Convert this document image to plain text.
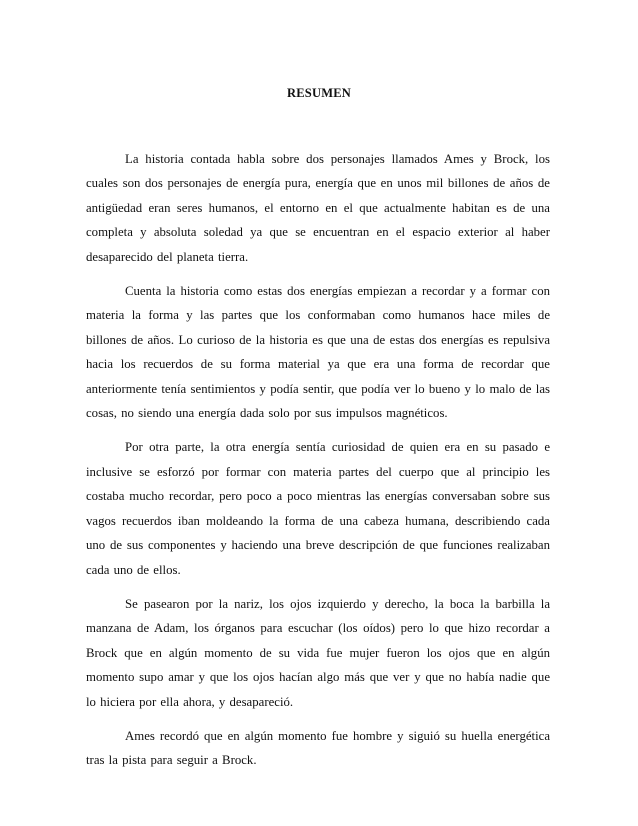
RESUMEN

La historia contada habla sobre dos personajes llamados Ames y Brock, los cuales son dos personajes de energía pura, energía que en unos mil billones de años de antigüedad eran seres humanos, el entorno en el que actualmente habitan es de una completa y absoluta soledad ya que se encuentran en el espacio exterior al haber desaparecido del planeta tierra.

Cuenta la historia como estas dos energías empiezan a recordar y a formar con materia la forma y las partes que los conformaban como humanos hace miles de billones de años. Lo curioso de la historia es que una de estas dos energías es repulsiva hacia los recuerdos de su forma material ya que era una forma de recordar que anteriormente tenía sentimientos y podía sentir, que podía ver lo bueno y lo malo de las cosas, no siendo una energía dada solo por sus impulsos magnéticos.

Por otra parte, la otra energía sentía curiosidad de quien era en su pasado e inclusive se esforzó por formar con materia partes del cuerpo que al principio les costaba mucho recordar, pero poco a poco mientras las energías conversaban sobre sus vagos recuerdos iban moldeando la forma de una cabeza humana, describiendo cada uno de sus componentes y haciendo una breve descripción de que funciones realizaban cada uno de ellos.

Se pasearon por la nariz, los ojos izquierdo y derecho, la boca la barbilla la manzana de Adam, los órganos para escuchar (los oídos) pero lo que hizo recordar a Brock que en algún momento de su vida fue mujer fueron los ojos que en algún momento supo amar y que los ojos hacían algo más que ver y que no había nadie que lo hiciera por ella ahora, y desapareció.

Ames recordó que en algún momento fue hombre y siguió su huella energética tras la pista para seguir a Brock.
